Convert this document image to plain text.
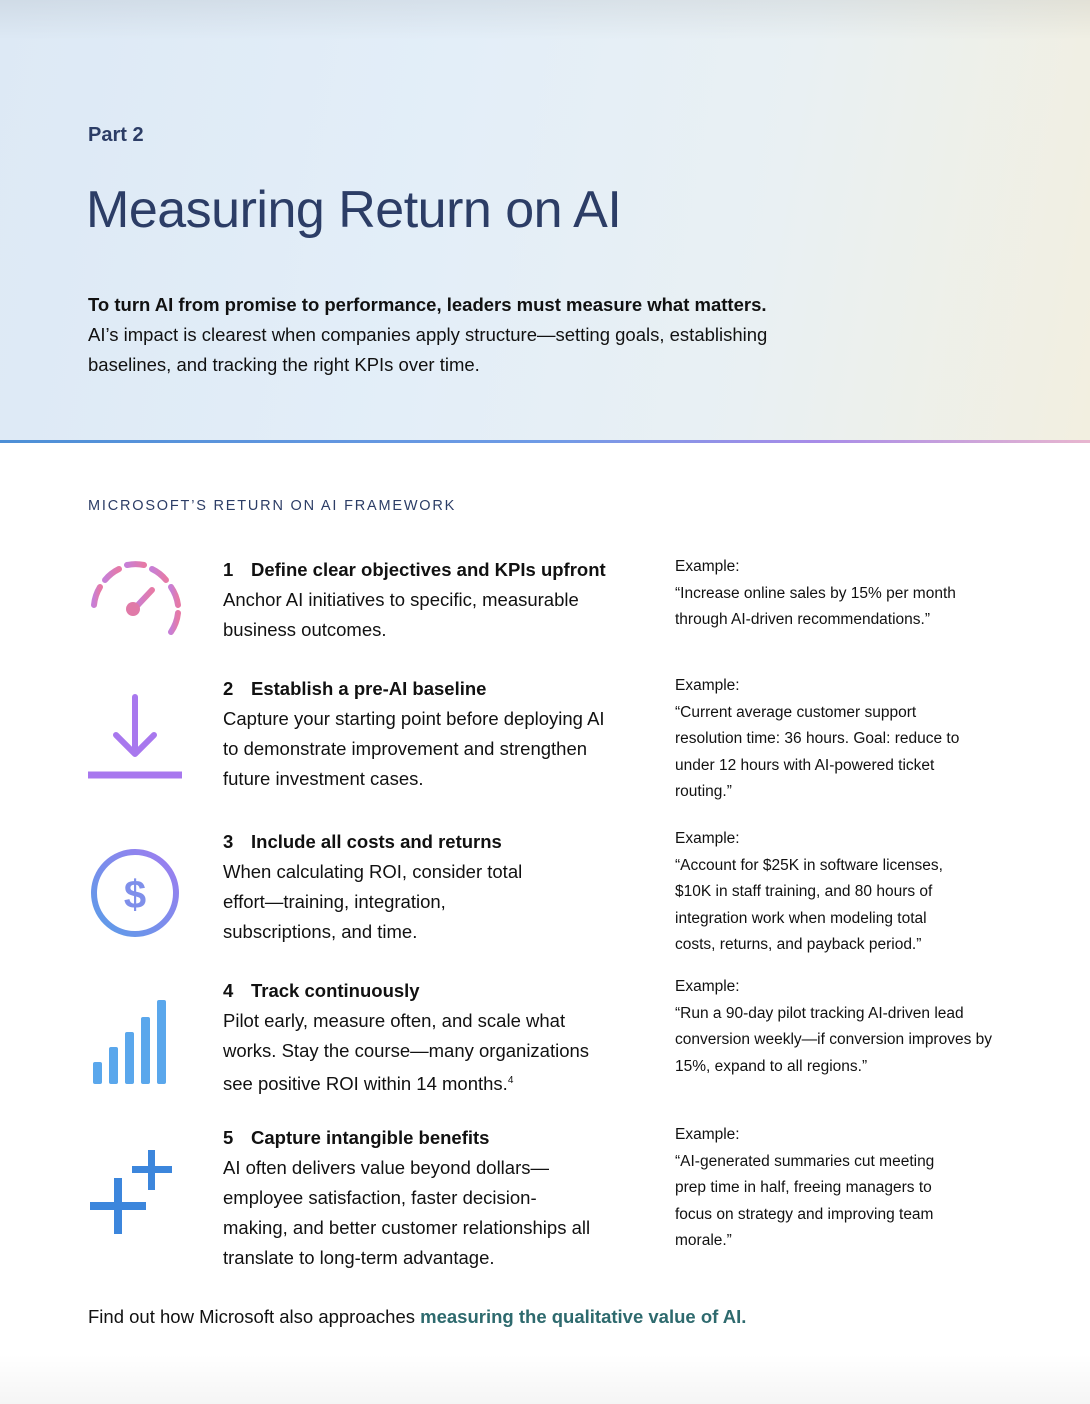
Part 2
Measuring Return on AI

To turn AI from promise to performance, leaders must measure what matters.
AI’s impact is clearest when companies apply structure—setting goals, establishing baselines, and tracking the right KPIs over time.

MICROSOFT’S RETURN ON AI FRAMEWORK
$
1 Define clear objectives and KPIs upfront
Anchor AI initiatives to specific, measurable business outcomes.
Example:
“Increase online sales by 15% per month through AI-driven recommendations.”
2 Establish a pre-AI baseline
Capture your starting point before deploying AI to demonstrate improvement and strengthen future investment cases.
Example:
“Current average customer support resolution time: 36 hours. Goal: reduce to under 12 hours with AI-powered ticket routing.”
3 Include all costs and returns
When calculating ROI, consider total effort—training, integration, subscriptions, and time.
Example:
“Account for $25K in software licenses, $10K in staff training, and 80 hours of integration work when modeling total costs, returns, and payback period.”
4 Track continuously
Pilot early, measure often, and scale what works. Stay the course—many organizations see positive ROI within 14 months.$^4$
Example:
“Run a 90-day pilot tracking AI-driven lead conversion weekly—if conversion improves by 15%, expand to all regions.”
5 Capture intangible benefits
AI often delivers value beyond dollars—employee satisfaction, faster decision-making, and better customer relationships all translate to long-term advantage.
Example:
“AI-generated summaries cut meeting prep time in half, freeing managers to focus on strategy and improving team morale.”
Find out how Microsoft also approaches measuring the qualitative value of AI.
